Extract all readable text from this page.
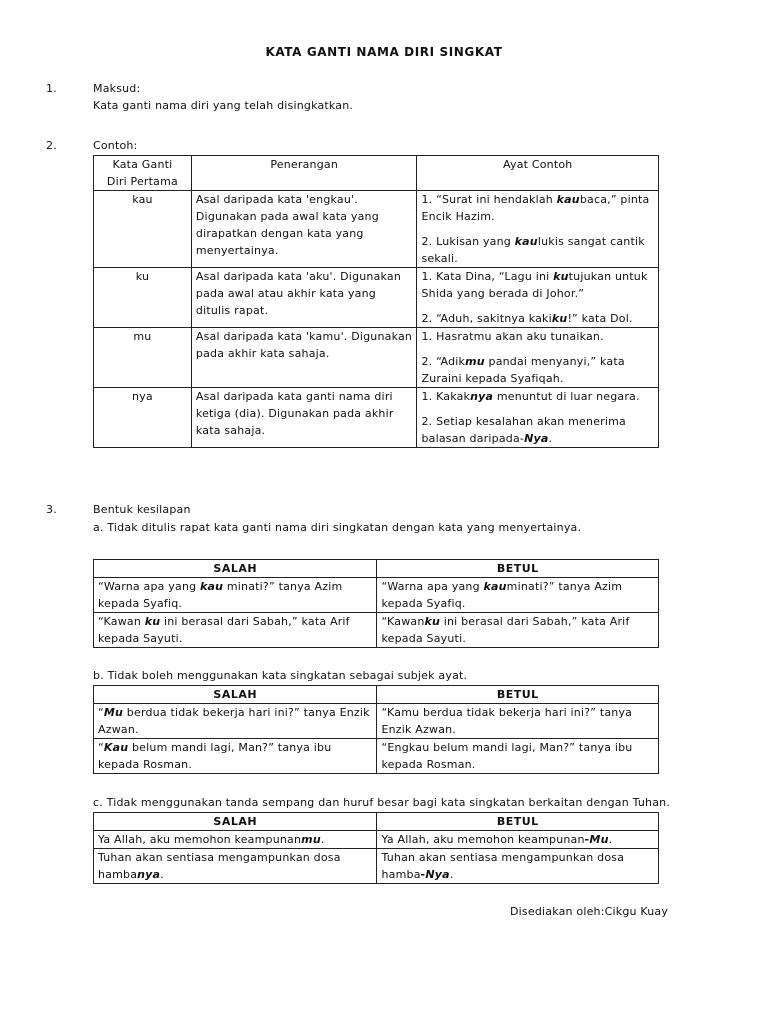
KATA GANTI NAMA DIRI SINGKAT
1.	Maksud:
Kata ganti nama diri yang telah disingkatkan.
2.	Contoh:
Kata Ganti Diri Pertama	Penerangan	Ayat Contoh
kau	Asal daripada kata 'engkau'. Digunakan pada awal kata yang dirapatkan dengan kata yang menyertainya.	1. “Surat ini hendaklah kaubaca,” pinta Encik Hazim.
2. Lukisan yang kaulukis sangat cantik sekali.

ku	Asal daripada kata 'aku'. Digunakan pada awal atau akhir kata yang ditulis rapat.	1. Kata Dina, “Lagu ini kutujukan untuk Shida yang berada di Johor.”
2. “Aduh, sakitnya kakiku!” kata Dol.

mu	Asal daripada kata 'kamu'. Digunakan pada akhir kata sahaja.	1. Hasratmu akan aku tunaikan.
2. “Adikmu pandai menyanyi,” kata Zuraini kepada Syafiqah.

nya	Asal daripada kata ganti nama diri ketiga (dia). Digunakan pada akhir kata sahaja.	1. Kakaknya menuntut di luar negara.
2. Setiap kesalahan akan menerima balasan daripada-Nya.
3.	Bentuk kesilapan
a. Tidak ditulis rapat kata ganti nama diri singkatan dengan kata yang menyertainya.
SALAH	BETUL
“Warna apa yang kau minati?” tanya Azim kepada Syafiq.	“Warna apa yang kauminati?” tanya Azim kepada Syafiq.
“Kawan ku ini berasal dari Sabah,” kata Arif kepada Sayuti.	“Kawanku ini berasal dari Sabah,” kata Arif kepada Sayuti.
b. Tidak boleh menggunakan kata singkatan sebagai subjek ayat.
SALAH	BETUL
“Mu berdua tidak bekerja hari ini?” tanya Enzik Azwan.	“Kamu berdua tidak bekerja hari ini?” tanya Enzik Azwan.
“Kau belum mandi lagi, Man?” tanya ibu kepada Rosman.	“Engkau belum mandi lagi, Man?” tanya ibu kepada Rosman.
c. Tidak menggunakan tanda sempang dan huruf besar bagi kata singkatan berkaitan dengan Tuhan.
SALAH	BETUL
Ya Allah, aku memohon keampunanmu.	Ya Allah, aku memohon keampunan-Mu.
Tuhan akan sentiasa mengampunkan dosa hambanya.	Tuhan akan sentiasa mengampunkan dosa hamba-Nya.
Disediakan oleh:Cikgu Kuay
